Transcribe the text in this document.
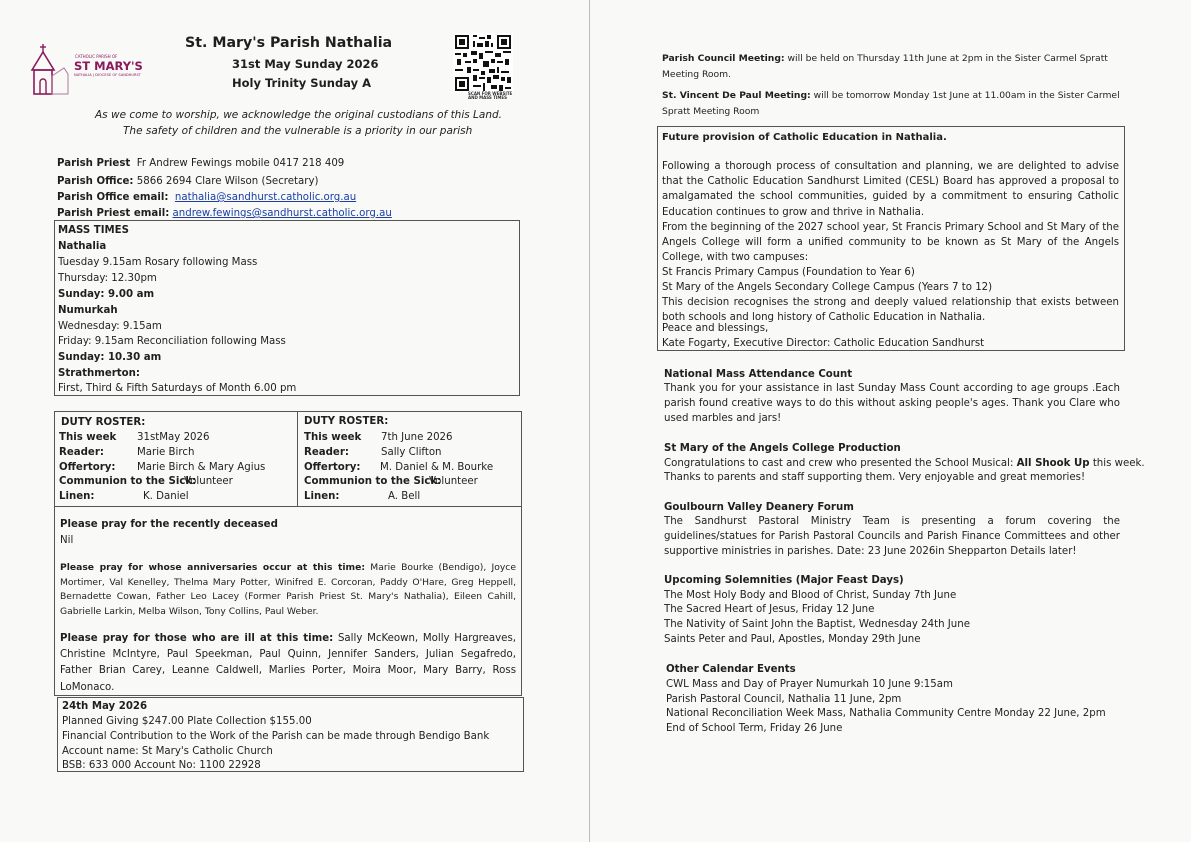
CATHOLIC PARISH OF
ST MARY'S
NATHALIA | DIOCESE OF SANDHURST
St. Mary's Parish Nathalia
31st May Sunday 2026
Holy Trinity Sunday A
SCAN FOR WEBSITE AND MASS TIMES
As we come to worship, we acknowledge the original custodians of this Land.
The safety of children and the vulnerable is a priority in our parish
Parish Priest
Fr Andrew Fewings mobile 0417 218 409
Parish Office:
5866 2694 Clare Wilson (Secretary)
Parish Office email:
nathalia@sandhurst.catholic.org.au
Parish Priest email:
andrew.fewings@sandhurst.catholic.org.au
MASS TIMES
Nathalia
Tuesday 9.15am Rosary following Mass
Thursday: 12.30pm
Sunday: 9.00 am
Numurkah
Wednesday: 9.15am
Friday: 9.15am Reconciliation following Mass
Sunday: 10.30 am
Strathmerton:
First, Third & Fifth Saturdays of Month 6.00 pm
DUTY ROSTER:
This week 31stMay 2026
Reader:	Marie Birch
Offertory: Marie Birch & Mary Agius
Communion to the Sick:
Volunteer
Linen:	K. Daniel
DUTY ROSTER:
This week 7th June 2026
Reader:	Sally Clifton
Offertory: M. Daniel & M. Bourke
Communion to the Sick:
Volunteer
Linen:	A. Bell
Please pray for the recently deceased
Nil
Please pray for whose anniversaries occur at this time: Marie Bourke (Bendigo), Joyce Mortimer, Val Kenelley, Thelma Mary Potter, Winifred E. Corcoran, Paddy O'Hare, Greg Heppell, Bernadette Cowan, Father Leo Lacey (Former Parish Priest St. Mary's Nathalia), Eileen Cahill, Gabrielle Larkin, Melba Wilson, Tony Collins, Paul Weber.
Please pray for those who are ill at this time: Sally McKeown, Molly Hargreaves, Christine McIntyre, Paul Speekman, Paul Quinn, Jennifer Sanders, Julian Segafredo, Father Brian Carey, Leanne Caldwell, Marlies Porter, Moira Moor, Mary Barry, Ross LoMonaco.
24th May 2026
Planned Giving $247.00 Plate Collection $155.00
Financial Contribution to the Work of the Parish can be made through Bendigo Bank
Account name: St Mary's Catholic Church
BSB: 633 000 Account No: 1100 22928
Parish Council Meeting: will be held on Thursday 11th June at 2pm in the Sister Carmel Spratt
Meeting Room.
St. Vincent De Paul Meeting: will be tomorrow Monday 1st June at 11.00am in the Sister Carmel
Spratt Meeting Room
Future provision of Catholic Education in Nathalia.
Following a thorough process of consultation and planning, we are delighted to advise that the Catholic Education Sandhurst Limited (CESL) Board has approved a proposal to amalgamated the school communities, guided by a commitment to ensuring Catholic Education continues to grow and thrive in Nathalia.
From the beginning of the 2027 school year, St Francis Primary School and St Mary of the Angels College will form a unified community to be known as St Mary of the Angels College, with two campuses:
St Francis Primary Campus (Foundation to Year 6)
St Mary of the Angels Secondary College Campus (Years 7 to 12)
This decision recognises the strong and deeply valued relationship that exists between both schools and long history of Catholic Education in Nathalia.
Peace and blessings,
Kate Fogarty, Executive Director: Catholic Education Sandhurst
National Mass Attendance Count
Thank you for your assistance in last Sunday Mass Count according to age groups .Each parish found creative ways to do this without asking people's ages. Thank you Clare who used marbles and jars!
St Mary of the Angels College Production
Congratulations to cast and crew who presented the School Musical: All Shook Up this week.
Thanks to parents and staff supporting them. Very enjoyable and great memories!
Goulbourn Valley Deanery Forum
The Sandhurst Pastoral Ministry Team is presenting a forum covering the guidelines/statues for Parish Pastoral Councils and Parish Finance Committees and other supportive ministries in parishes. Date: 23 June 2026in Shepparton Details later!
Upcoming Solemnities (Major Feast Days)
The Most Holy Body and Blood of Christ, Sunday 7th June
The Sacred Heart of Jesus, Friday 12 June
The Nativity of Saint John the Baptist, Wednesday 24th June
Saints Peter and Paul, Apostles, Monday 29th June
Other Calendar Events
CWL Mass and Day of Prayer Numurkah 10 June 9:15am
Parish Pastoral Council, Nathalia 11 June, 2pm
National Reconciliation Week Mass, Nathalia Community Centre Monday 22 June, 2pm
End of School Term, Friday 26 June
